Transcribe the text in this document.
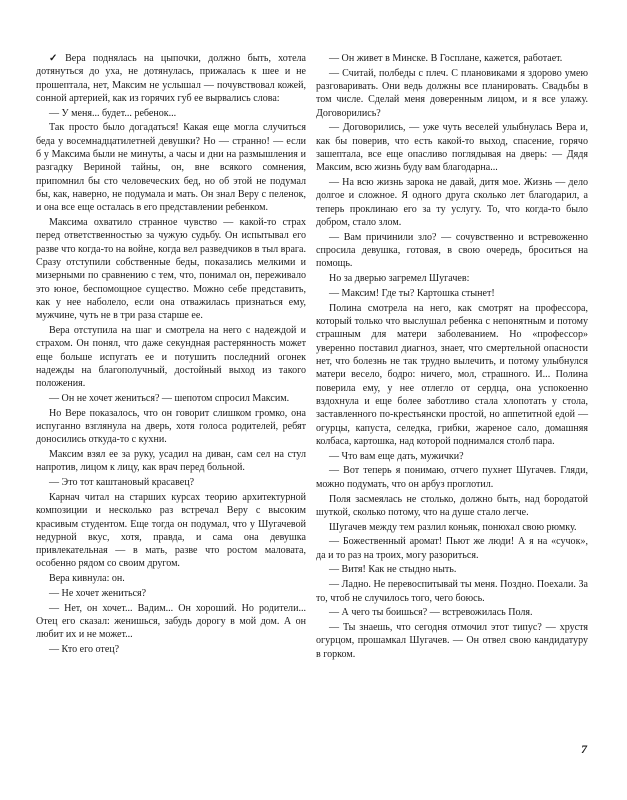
✓ Вера поднялась на цыпочки, должно быть, хотела дотянуться до уха, не дотянулась, прижалась к шее и не прошептала, нет, Максим не услышал — почувствовал кожей, сонной артерией, как из горячих губ ее вырвались слова:

— У меня... будет... ребенок...

Так просто было догадаться! Какая еще могла случиться беда у восемнадцатилетней девушки? Но — странно! — если б у Максима были не минуты, а часы и дни на размышления и разгадку Вериной тайны, он, вне всякого сомнения, припомнил бы сто человеческих бед, но об этой не подумал бы, как, наверно, не подумала и мать. Он знал Веру с пеленок, и она все еще осталась в его представлении ребенком.

Максима охватило странное чувство — какой-то страх перед ответственностью за чужую судьбу. Он испытывал его разве что когда-то на войне, когда вел разведчиков в тыл врага. Сразу отступили собственные беды, показались мелкими и мизерными по сравнению с тем, что, понимал он, переживало это юное, беспомощное существо. Можно себе представить, как у нее наболело, если она отважилась признаться ему, мужчине, чуть не в три раза старше ее.

Вера отступила на шаг и смотрела на него с надеждой и страхом. Он понял, что даже секундная растерянность может еще больше испугать ее и потушить последний огонек надежды на благополучный, достойный выход из такого положения.

— Он не хочет жениться? — шепотом спросил Максим.

Но Вере показалось, что он говорит слишком громко, она испуганно взглянула на дверь, хотя голоса родителей, ребят доносились откуда-то с кухни.

Максим взял ее за руку, усадил на диван, сам сел на стул напротив, лицом к лицу, как врач перед больной.

— Это тот каштановый красавец?

Карнач читал на старших курсах теорию архитектурной композиции и несколько раз встречал Веру с высоким красивым студентом. Еще тогда он подумал, что у Шугачевой недурной вкус, хотя, правда, и сама она девушка привлекательная — в мать, разве что ростом маловата, особенно рядом со своим другом.

Вера кивнула: он.

— Не хочет жениться?

— Нет, он хочет... Вадим... Он хороший. Но родители... Отец его сказал: женишься, забудь дорогу в мой дом. А он любит их и не может...

— Кто его отец?

— Он живет в Минске. В Госплане, кажется, работает.

— Считай, полбеды с плеч. С плановиками я здорово умею разговаривать. Они ведь должны все планировать. Свадьбы в том числе. Сделай меня доверенным лицом, и я все улажу. Договорились?

— Договорились, — уже чуть веселей улыбнулась Вера и, как бы поверив, что есть какой-то выход, спасение, горячо зашептала, все еще опасливо поглядывая на дверь: — Дядя Максим, всю жизнь буду вам благодарна...

— На всю жизнь зарока не давай, дитя мое. Жизнь — дело долгое и сложное. Я одного друга сколько лет благодарил, а теперь проклинаю его за ту услугу. То, что когда-то было добром, стало злом.

— Вам причинили зло? — сочувственно и встревоженно спросила девушка, готовая, в свою очередь, броситься на помощь.

Но за дверью загремел Шугачев:

— Максим! Где ты? Картошка стынет!

Полина смотрела на него, как смотрят на профессора, который только что выслушал ребенка с непонятным и потому страшным для матери заболеванием. Но «профессор» уверенно поставил диагноз, знает, что смертельной опасности нет, что болезнь не так трудно вылечить, и потому улыбнулся матери весело, бодро: ничего, мол, страшного. И... Полина поверила ему, у нее отлегло от сердца, она успокоенно вздохнула и еще более заботливо стала хлопотать у стола, заставленного по-крестьянски простой, но аппетитной едой — огурцы, капуста, селедка, грибки, жареное сало, домашняя колбаса, картошка, над которой поднимался столб пара.

— Что вам еще дать, мужички?

— Вот теперь я понимаю, отчего пухнет Шугачев. Гляди, можно подумать, что он арбуз проглотил.

Поля засмеялась не столько, должно быть, над бородатой шуткой, сколько потому, что на душе стало легче.

Шугачев между тем разлил коньяк, понюхал свою рюмку.

— Божественный аромат! Пьют же люди! А я на «сучок», да и то раз на троих, могу разориться.

— Витя! Как не стыдно ныть.

— Ладно. Не перевоспитывай ты меня. Поздно. Поехали. За то, чтоб не случилось того, чего боюсь.

— А чего ты боишься? — встревожилась Поля.

— Ты знаешь, что сегодня отмочил этот типус? — хрустя огурцом, прошамкал Шугачев. — Он отвел свою кандидатуру в горком.

7
